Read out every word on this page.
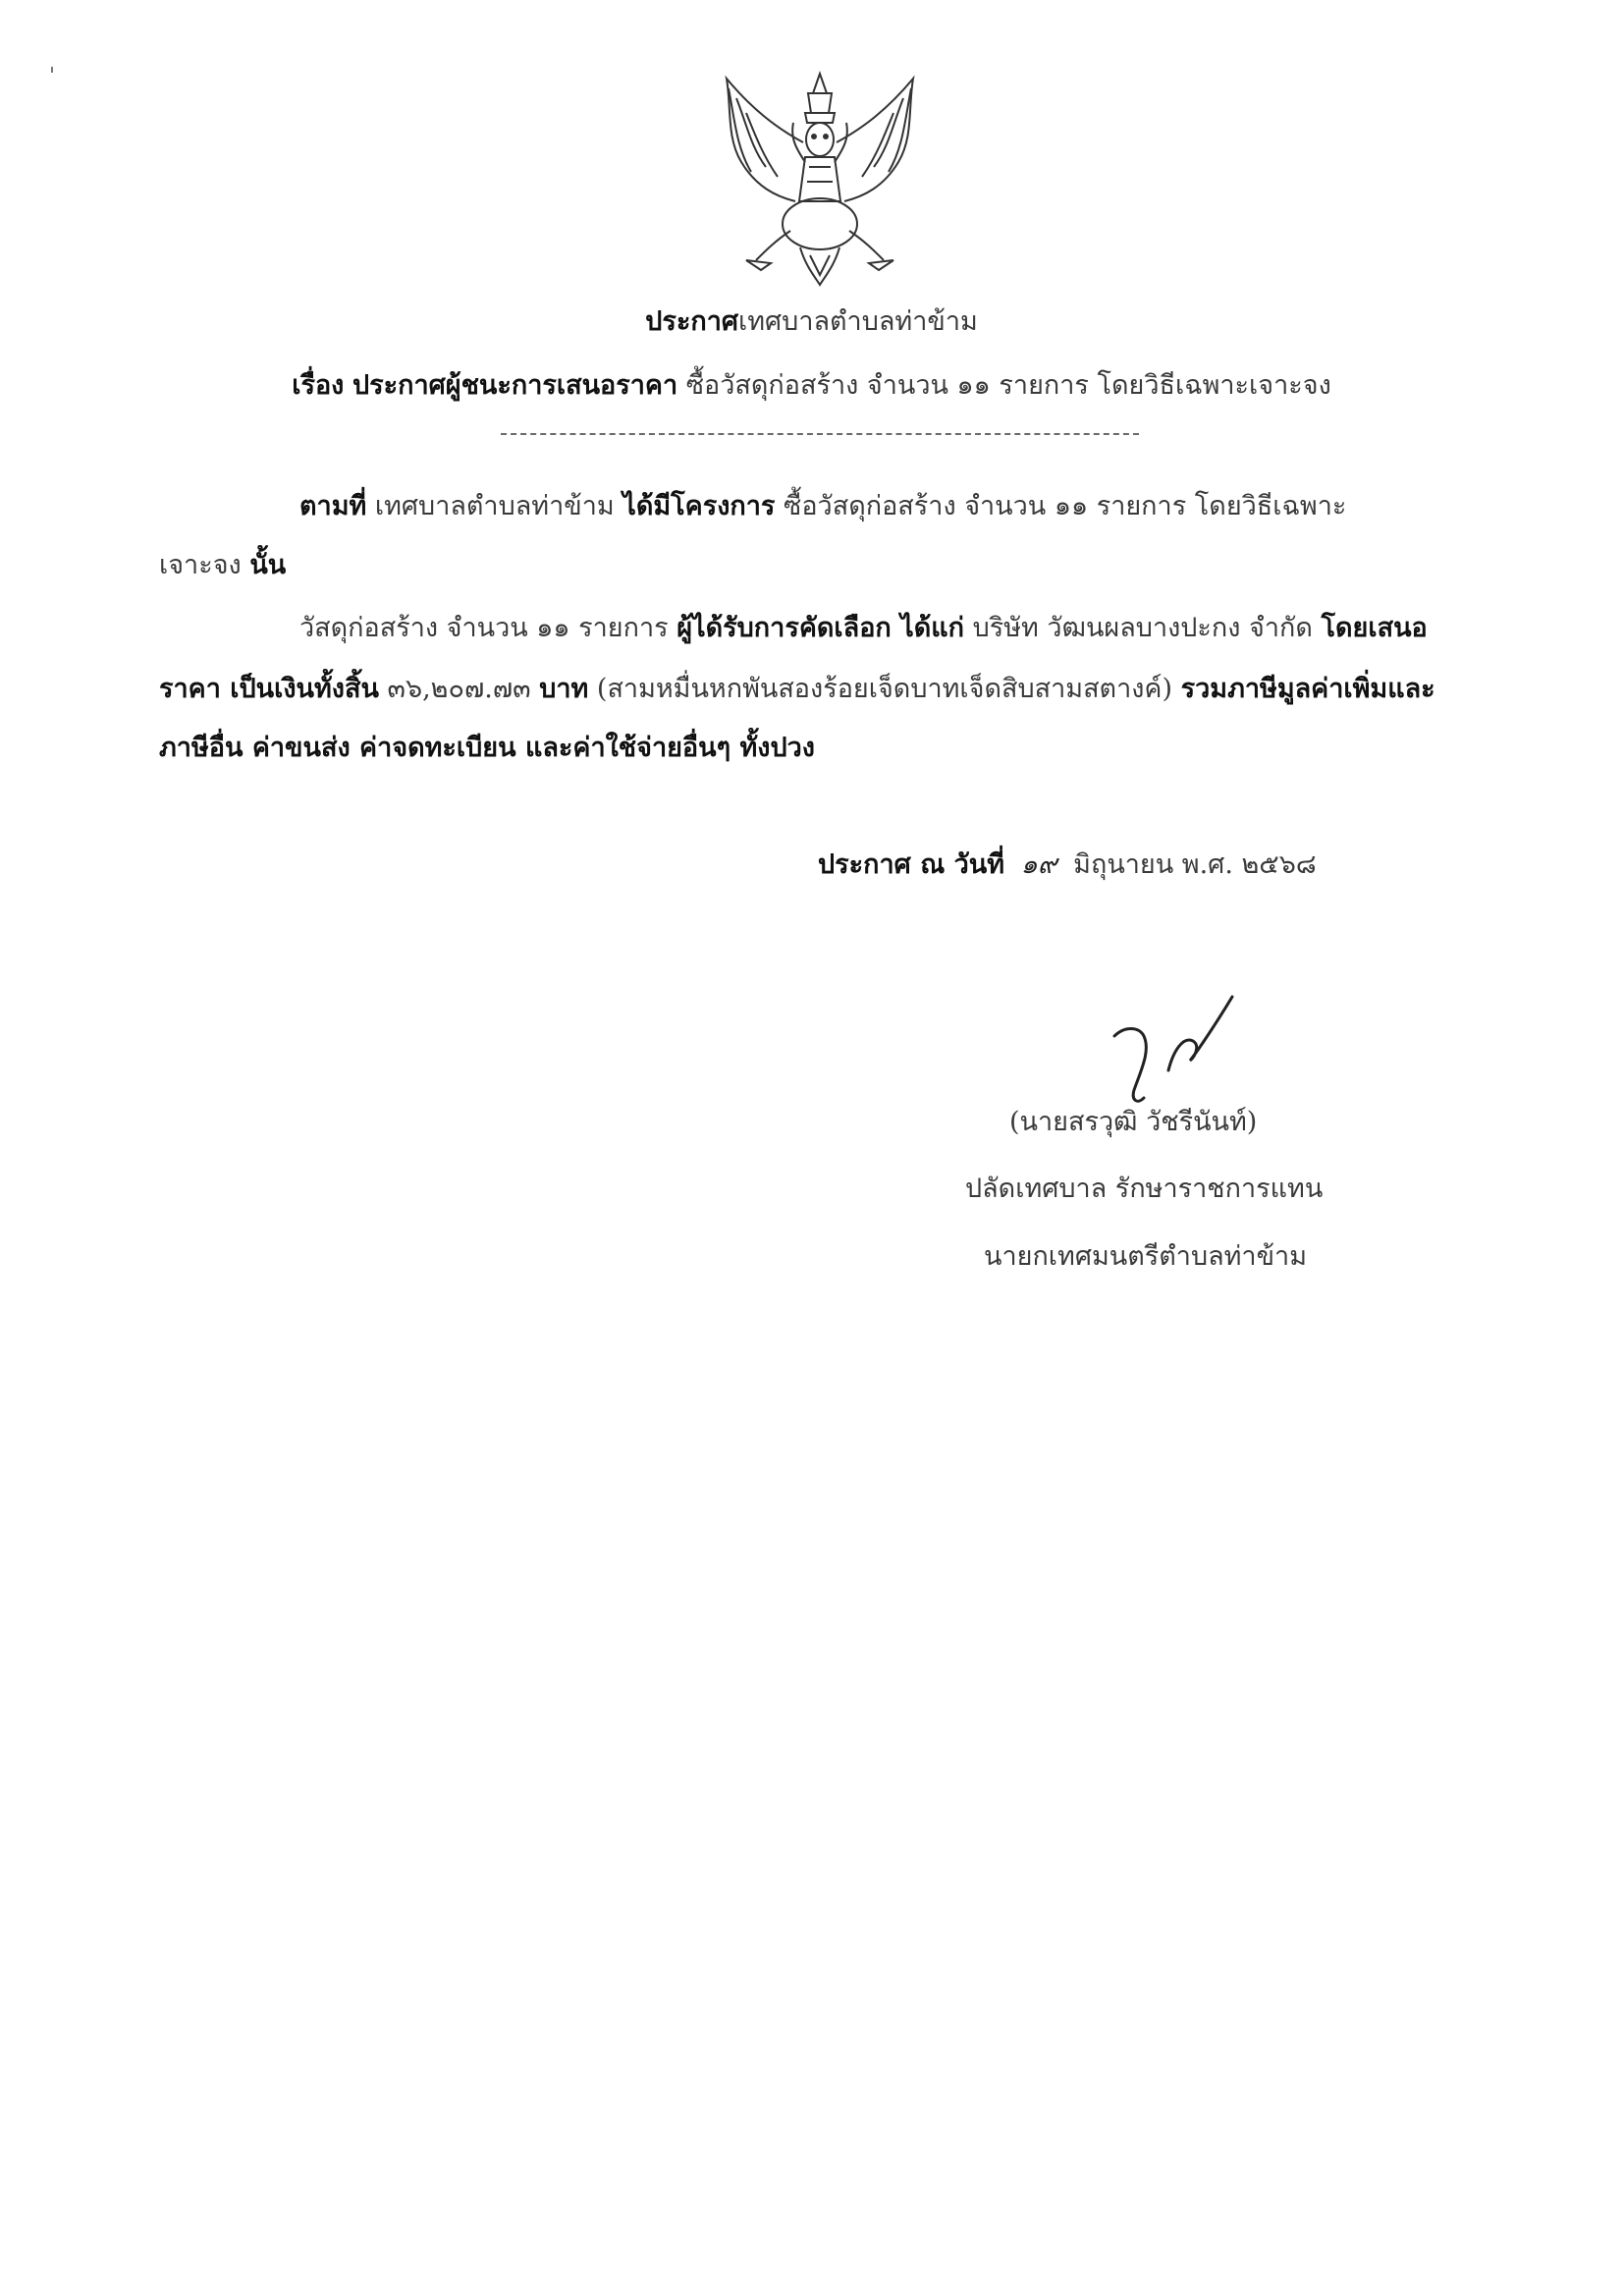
ประกาศเทศบาลตำบลท่าข้าม
เรื่อง ประกาศผู้ชนะการเสนอราคา ซื้อวัสดุก่อสร้าง จำนวน ๑๑ รายการ โดยวิธีเฉพาะเจาะจง
ตามที่ เทศบาลตำบลท่าข้าม ได้มีโครงการ ซื้อวัสดุก่อสร้าง จำนวน ๑๑ รายการ โดยวิธีเฉพาะ
เจาะจง นั้น
วัสดุก่อสร้าง จำนวน ๑๑ รายการ ผู้ได้รับการคัดเลือก ได้แก่ บริษัท วัฒนผลบางปะกง จำกัด โดยเสนอ
ราคา เป็นเงินทั้งสิ้น ๓๖,๒๐๗.๗๓ บาท (สามหมื่นหกพันสองร้อยเจ็ดบาทเจ็ดสิบสามสตางค์) รวมภาษีมูลค่าเพิ่มและ
ภาษีอื่น ค่าขนส่ง ค่าจดทะเบียน และค่าใช้จ่ายอื่นๆ ทั้งปวง
ประกาศ ณ วันที่ ๑๙ มิถุนายน พ.ศ. ๒๕๖๘
(นายสรวุฒิ วัชรีนันท์)
ปลัดเทศบาล รักษาราชการแทน
นายกเทศมนตรีตำบลท่าข้าม
